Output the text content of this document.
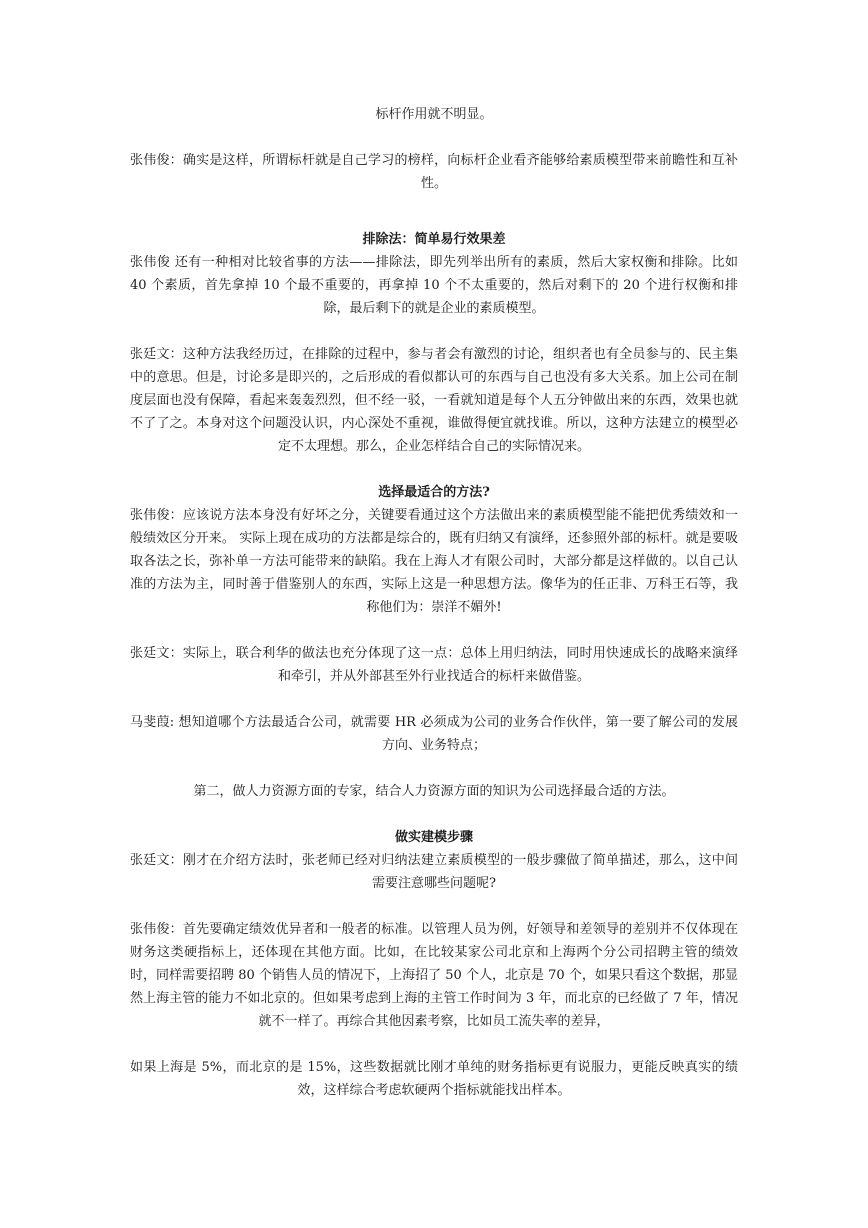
标杆作用就不明显。

张伟俊：确实是这样，所谓标杆就是自己学习的榜样，向标杆企业看齐能够给素质模型带来前瞻性和互补性。

排除法：简单易行效果差

张伟俊 还有一种相对比较省事的方法——排除法，即先列举出所有的素质，然后大家权衡和排除。比如 40 个素质，首先拿掉 10 个最不重要的，再拿掉 10 个不太重要的，然后对剩下的 20 个进行权衡和排除，最后剩下的就是企业的素质模型。

张廷文：这种方法我经历过，在排除的过程中，参与者会有激烈的讨论，组织者也有全员参与的、民主集中的意思。但是，讨论多是即兴的，之后形成的看似都认可的东西与自己也没有多大关系。加上公司在制度层面也没有保障，看起来轰轰烈烈，但不经一驳，一看就知道是每个人五分钟做出来的东西，效果也就不了了之。本身对这个问题没认识，内心深处不重视，谁做得便宜就找谁。所以，这种方法建立的模型必定不太理想。那么，企业怎样结合自己的实际情况来。

选择最适合的方法?

张伟俊：应该说方法本身没有好坏之分，关键要看通过这个方法做出来的素质模型能不能把优秀绩效和一般绩效区分开来。 实际上现在成功的方法都是综合的，既有归纳又有演绎，还参照外部的标杆。就是要吸取各法之长，弥补单一方法可能带来的缺陷。我在上海人才有限公司时，大部分都是这样做的。以自己认准的方法为主，同时善于借鉴别人的东西，实际上这是一种思想方法。像华为的任正非、万科王石等，我称他们为：崇洋不媚外!

张廷文：实际上，联合利华的做法也充分体现了这一点：总体上用归纳法，同时用快速成长的战略来演绎和牵引，并从外部甚至外行业找适合的标杆来做借鉴。

马斐葭: 想知道哪个方法最适合公司，就需要 HR 必须成为公司的业务合作伙伴，第一要了解公司的发展方向、业务特点；

第二，做人力资源方面的专家，结合人力资源方面的知识为公司选择最合适的方法。

做实建模步骤

张廷文：刚才在介绍方法时，张老师已经对归纳法建立素质模型的一般步骤做了简单描述，那么，这中间需要注意哪些问题呢?

张伟俊：首先要确定绩效优异者和一般者的标准。以管理人员为例，好领导和差领导的差别并不仅体现在财务这类硬指标上，还体现在其他方面。比如，在比较某家公司北京和上海两个分公司招聘主管的绩效时，同样需要招聘 80 个销售人员的情况下，上海招了 50 个人，北京是 70 个，如果只看这个数据，那显然上海主管的能力不如北京的。但如果考虑到上海的主管工作时间为 3 年，而北京的已经做了 7 年，情况就不一样了。再综合其他因素考察，比如员工流失率的差异，

如果上海是 5%，而北京的是 15%，这些数据就比刚才单纯的财务指标更有说服力，更能反映真实的绩效，这样综合考虑软硬两个指标就能找出样本。
